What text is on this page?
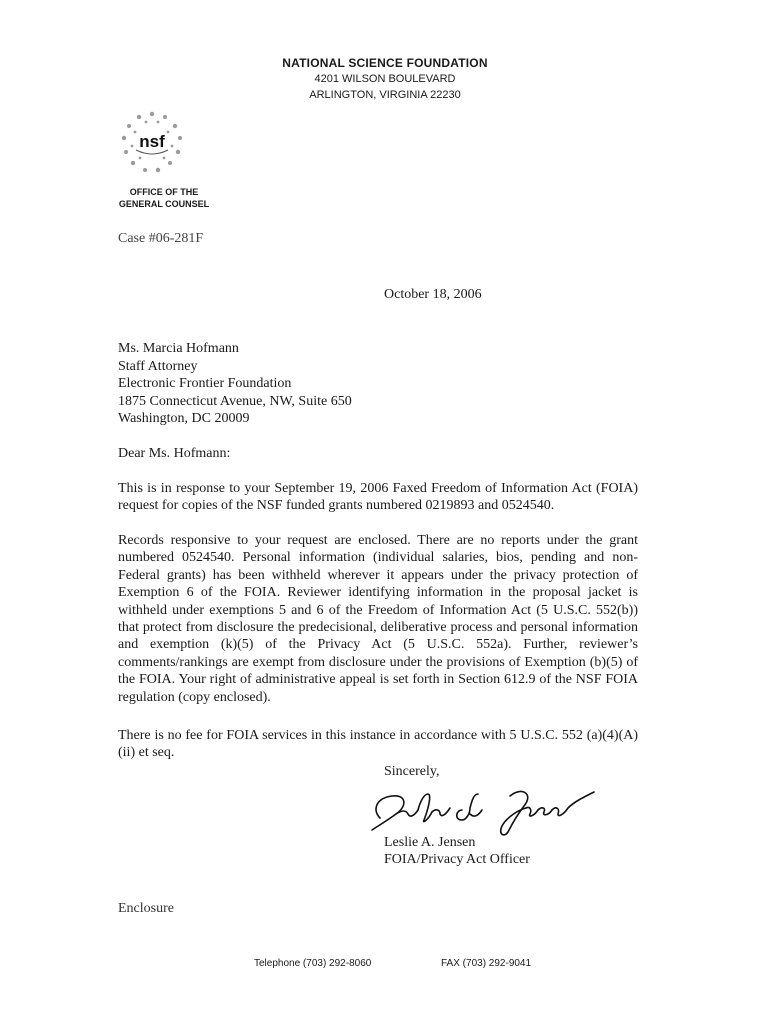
NATIONAL SCIENCE FOUNDATION
4201 WILSON BOULEVARD
ARLINGTON, VIRGINIA 22230
nsf
OFFICE OF THE
GENERAL COUNSEL
Case #06-281F
October 18, 2006
Ms. Marcia Hofmann
Staff Attorney
Electronic Frontier Foundation
1875 Connecticut Avenue, NW, Suite 650
Washington, DC 20009
Dear Ms. Hofmann:
This is in response to your September 19, 2006 Faxed Freedom of Information Act (FOIA) request for copies of the NSF funded grants numbered 0219893 and 0524540.
Records responsive to your request are enclosed. There are no reports under the grant numbered 0524540. Personal information (individual salaries, bios, pending and non-Federal grants) has been withheld wherever it appears under the privacy protection of Exemption 6 of the FOIA. Reviewer identifying information in the proposal jacket is withheld under exemptions 5 and 6 of the Freedom of Information Act (5 U.S.C. 552(b)) that protect from disclosure the predecisional, deliberative process and personal information and exemption (k)(5) of the Privacy Act (5 U.S.C. 552a). Further, reviewer’s comments/rankings are exempt from disclosure under the provisions of Exemption (b)(5) of the FOIA. Your right of administrative appeal is set forth in Section 612.9 of the NSF FOIA regulation (copy enclosed).
There is no fee for FOIA services in this instance in accordance with 5 U.S.C. 552 (a)(4)(A)(ii) et seq.
Sincerely,
Leslie A. Jensen
FOIA/Privacy Act Officer
Enclosure
Telephone (703) 292-8060	FAX (703) 292-9041
